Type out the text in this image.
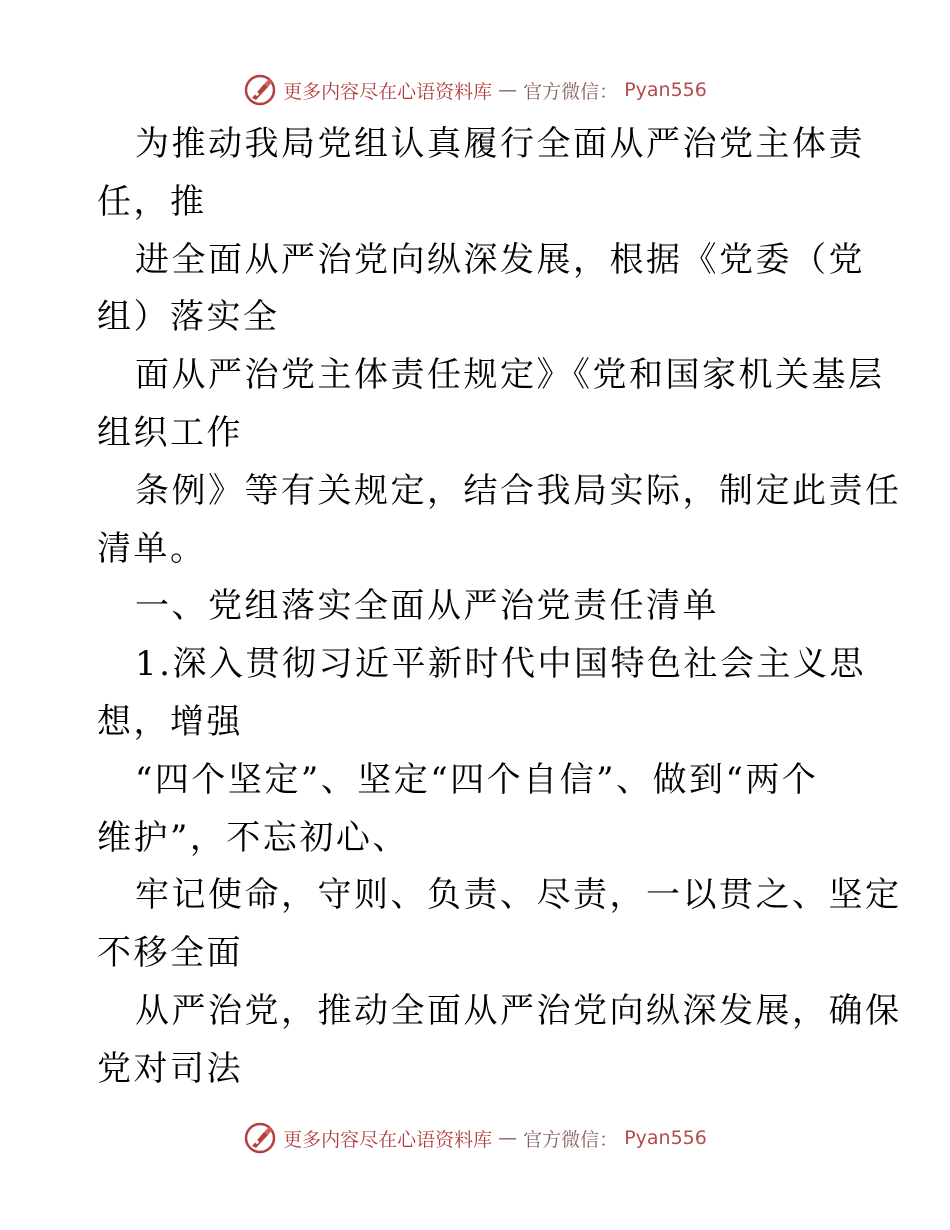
更多内容尽在心语资料库 — 官方微信： Pyan556
为推动我局党组认真履行全面从严治党主体责
任，推
进全面从严治党向纵深发展，根据《党委（党
组）落实全
面从严治党主体责任规定》《党和国家机关基层
组织工作
条例》等有关规定，结合我局实际，制定此责任
清单。
一、党组落实全面从严治党责任清单
1.深入贯彻习近平新时代中国特色社会主义思
想，增强
“四个坚定”、坚定“四个自信”、做到“两个
维护”，不忘初心、
牢记使命，守则、负责、尽责，一以贯之、坚定
不移全面
从严治党，推动全面从严治党向纵深发展，确保
党对司法
更多内容尽在心语资料库 — 官方微信： Pyan556
